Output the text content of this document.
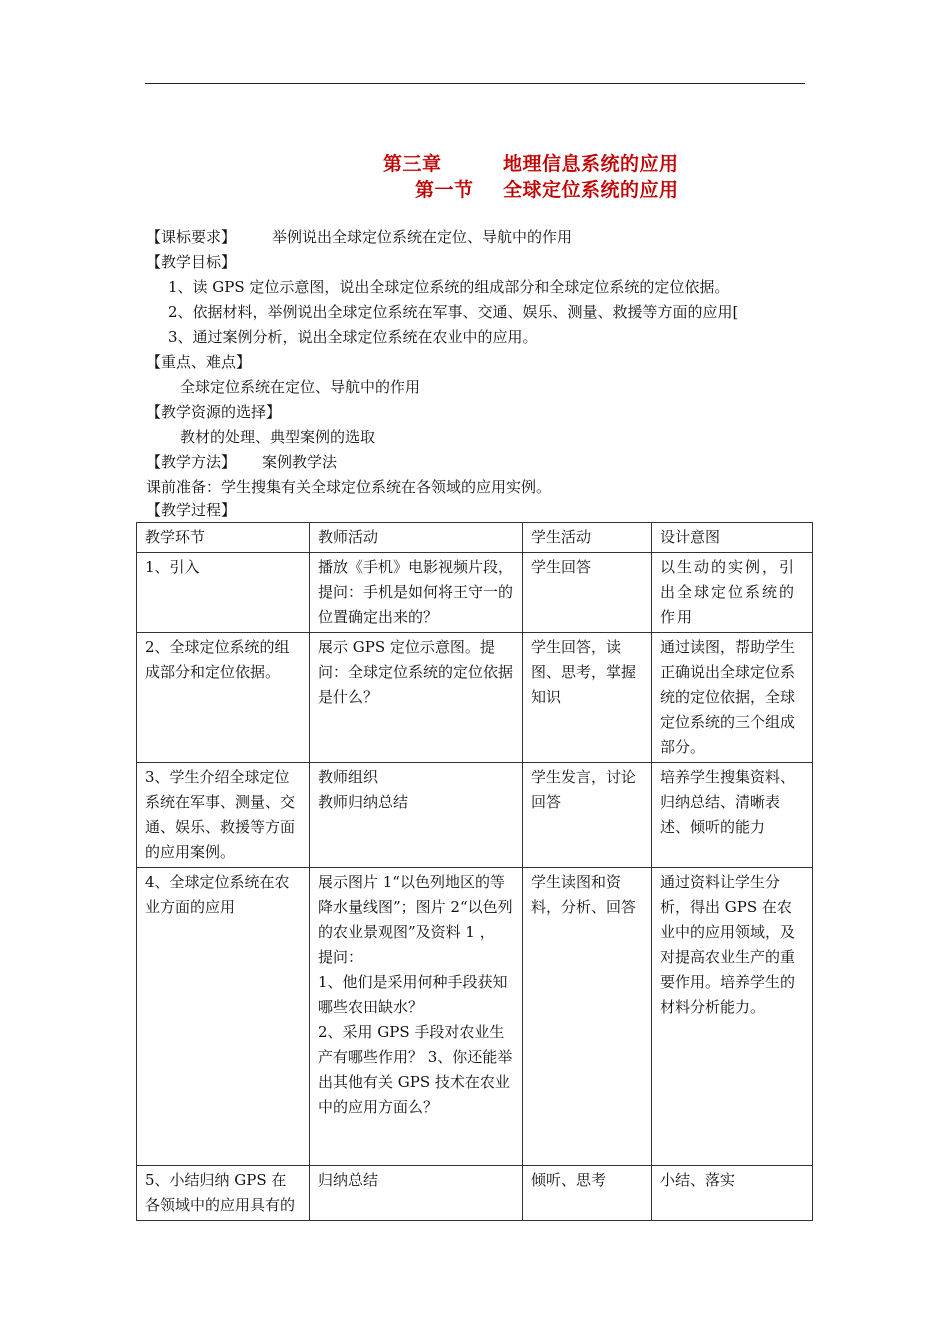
第三章	地理信息系统的应用
第一节 全球定位系统的应用
【课标要求】 举例说出全球定位系统在定位、导航中的作用
【教学目标】
1、读 GPS 定位示意图，说出全球定位系统的组成部分和全球定位系统的定位依据。
2、依据材料，举例说出全球定位系统在军事、交通、娱乐、测量、救援等方面的应用[
3、通过案例分析，说出全球定位系统在农业中的应用。
【重点、难点】
全球定位系统在定位、导航中的作用
【教学资源的选择】
教材的处理、典型案例的选取
【教学方法】 案例教学法
课前准备：学生搜集有关全球定位系统在各领域的应用实例。
【教学过程】
教学环节	教师活动	学生活动	设计意图
1、引入	播放《手机》电影视频片段，提问：手机是如何将王守一的位置确定出来的？	学生回答	以生动的实例，引出全球定位系统的作用
2、全球定位系统的组成部分和定位依据。	展示 GPS 定位示意图。提问：全球定位系统的定位依据是什么？	学生回答，读图、思考，掌握知识	通过读图，帮助学生正确说出全球定位系统的定位依据，全球定位系统的三个组成部分。
3、学生介绍全球定位系统在军事、测量、交通、娱乐、救援等方面的应用案例。	教师组织
教师归纳总结	学生发言，讨论回答	培养学生搜集资料、归纳总结、清晰表述、倾听的能力
4、全球定位系统在农业方面的应用	展示图片 1“以色列地区的等降水量线图”；图片 2“以色列的农业景观图”及资料 1 ，
提问：
1、他们是采用何种手段获知哪些农田缺水？
2、采用 GPS 手段对农业生产有哪些作用？ 3、你还能举出其他有关 GPS 技术在农业中的应用方面么？	学生读图和资料，分析、回答	通过资料让学生分析，得出 GPS 在农业中的应用领域，及对提高农业生产的重要作用。培养学生的材料分析能力。
5、小结归纳 GPS 在各领域中的应用具有的	归纳总结	倾听、思考	小结、落实
